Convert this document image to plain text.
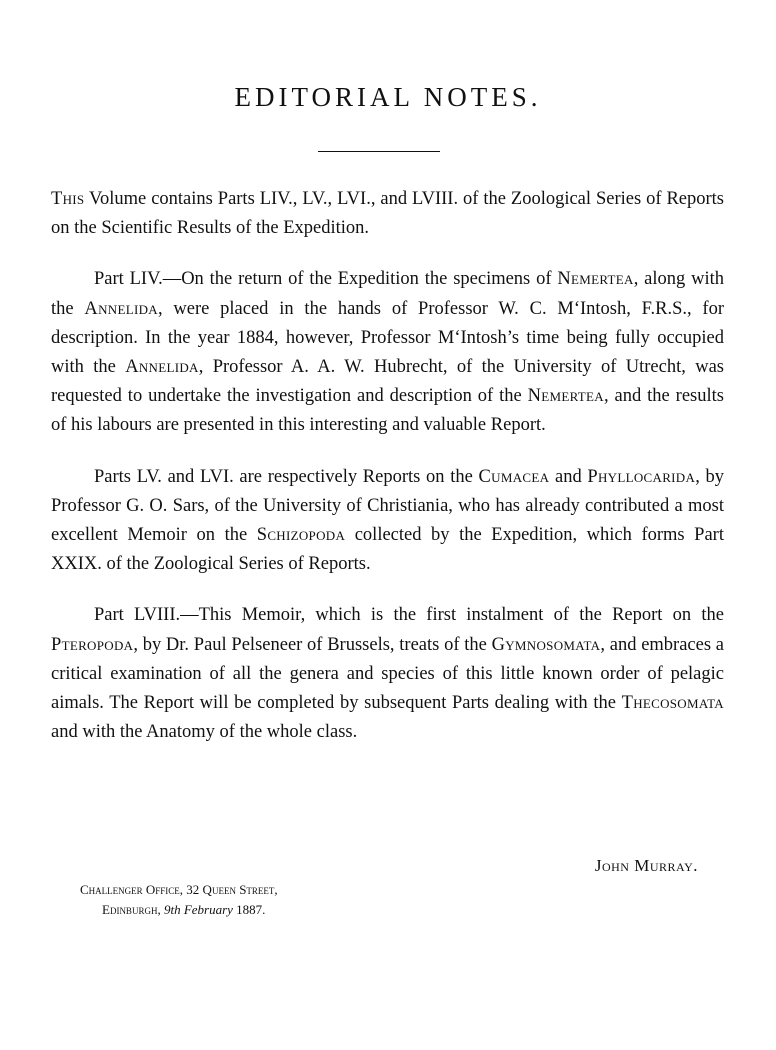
EDITORIAL NOTES.

This Volume contains Parts LIV., LV., LVI., and LVIII. of the Zoological Series of Reports on the Scientific Results of the Expedition.

Part LIV.—On the return of the Expedition the specimens of Nemertea, along with the Annelida, were placed in the hands of Professor W. C. M‘Intosh, F.R.S., for description. In the year 1884, however, Professor M‘Intosh’s time being fully occupied with the Annelida, Professor A. A. W. Hubrecht, of the University of Utrecht, was requested to undertake the investigation and description of the Nemertea, and the results of his labours are presented in this interesting and valuable Report.

Parts LV. and LVI. are respectively Reports on the Cumacea and Phyllocarida, by Professor G. O. Sars, of the University of Christiania, who has already contributed a most excellent Memoir on the Schizopoda collected by the Expedition, which forms Part XXIX. of the Zoological Series of Reports.

Part LVIII.—This Memoir, which is the first instalment of the Report on the Pteropoda, by Dr. Paul Pelseneer of Brussels, treats of the Gymnosomata, and embraces a critical examination of all the genera and species of this little known order of pelagic aimals. The Report will be completed by subsequent Parts dealing with the Thecosomata and with the Anatomy of the whole class.

John Murray.

Challenger Office, 32 Queen Street,
Edinburgh, 9th February 1887.
